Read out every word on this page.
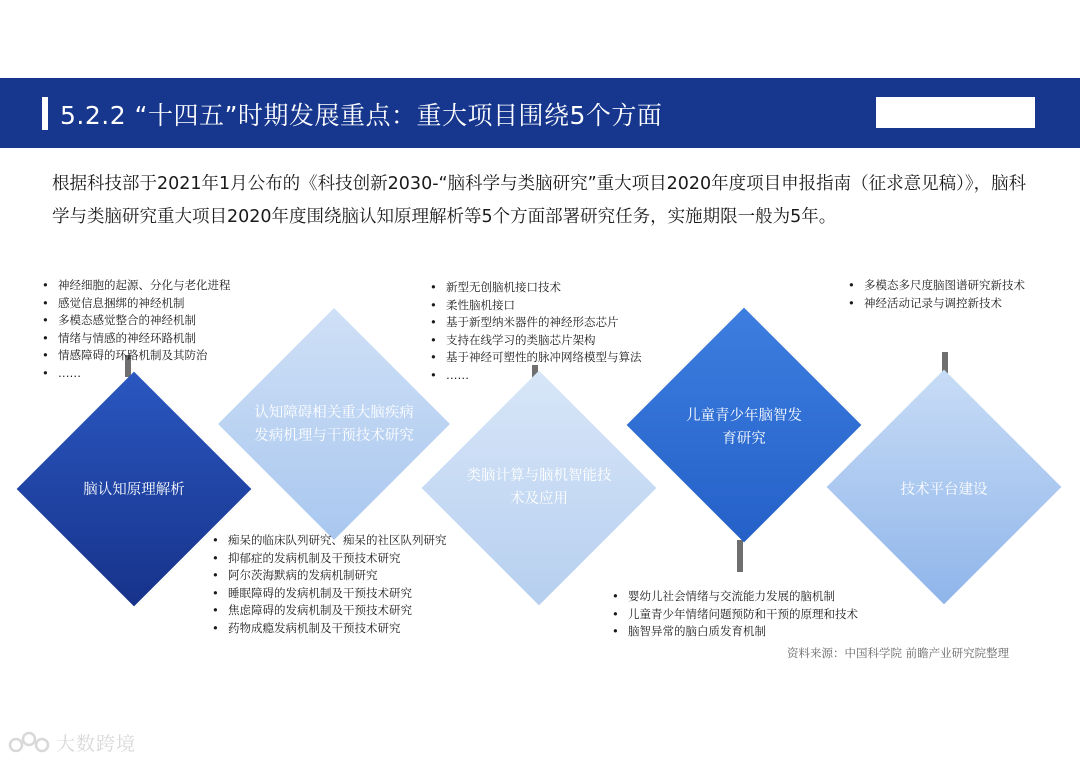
5.2.2 “十四五”时期发展重点：重大项目围绕5个方面

根据科技部于2021年1月公布的《科技创新2030-“脑科学与类脑研究”重大项目2020年度项目申报指南（征求意见稿）》，脑科学与类脑研究重大项目2020年度围绕脑认知原理解析等5个方面部署研究任务，实施期限一般为5年。

脑认知原理解析
认知障碍相关重大脑疾病发病机理与干预技术研究
类脑计算与脑机智能技术及应用
儿童青少年脑智发育研究
技术平台建设
• 神经细胞的起源、分化与老化进程
• 感觉信息捆绑的神经机制
• 多模态感觉整合的神经机制
• 情绪与情感的神经环路机制
• 情感障碍的环路机制及其防治
• ……
• 新型无创脑机接口技术
• 柔性脑机接口
• 基于新型纳米器件的神经形态芯片
• 支持在线学习的类脑芯片架构
• 基于神经可塑性的脉冲网络模型与算法
• ……
• 多模态多尺度脑图谱研究新技术
• 神经活动记录与调控新技术
• 痴呆的临床队列研究、痴呆的社区队列研究
• 抑郁症的发病机制及干预技术研究
• 阿尔茨海默病的发病机制研究
• 睡眠障碍的发病机制及干预技术研究
• 焦虑障碍的发病机制及干预技术研究
• 药物成瘾发病机制及干预技术研究
• 婴幼儿社会情绪与交流能力发展的脑机制
• 儿童青少年情绪问题预防和干预的原理和技术
• 脑智异常的脑白质发育机制
资料来源：中国科学院 前瞻产业研究院整理
大数跨境
